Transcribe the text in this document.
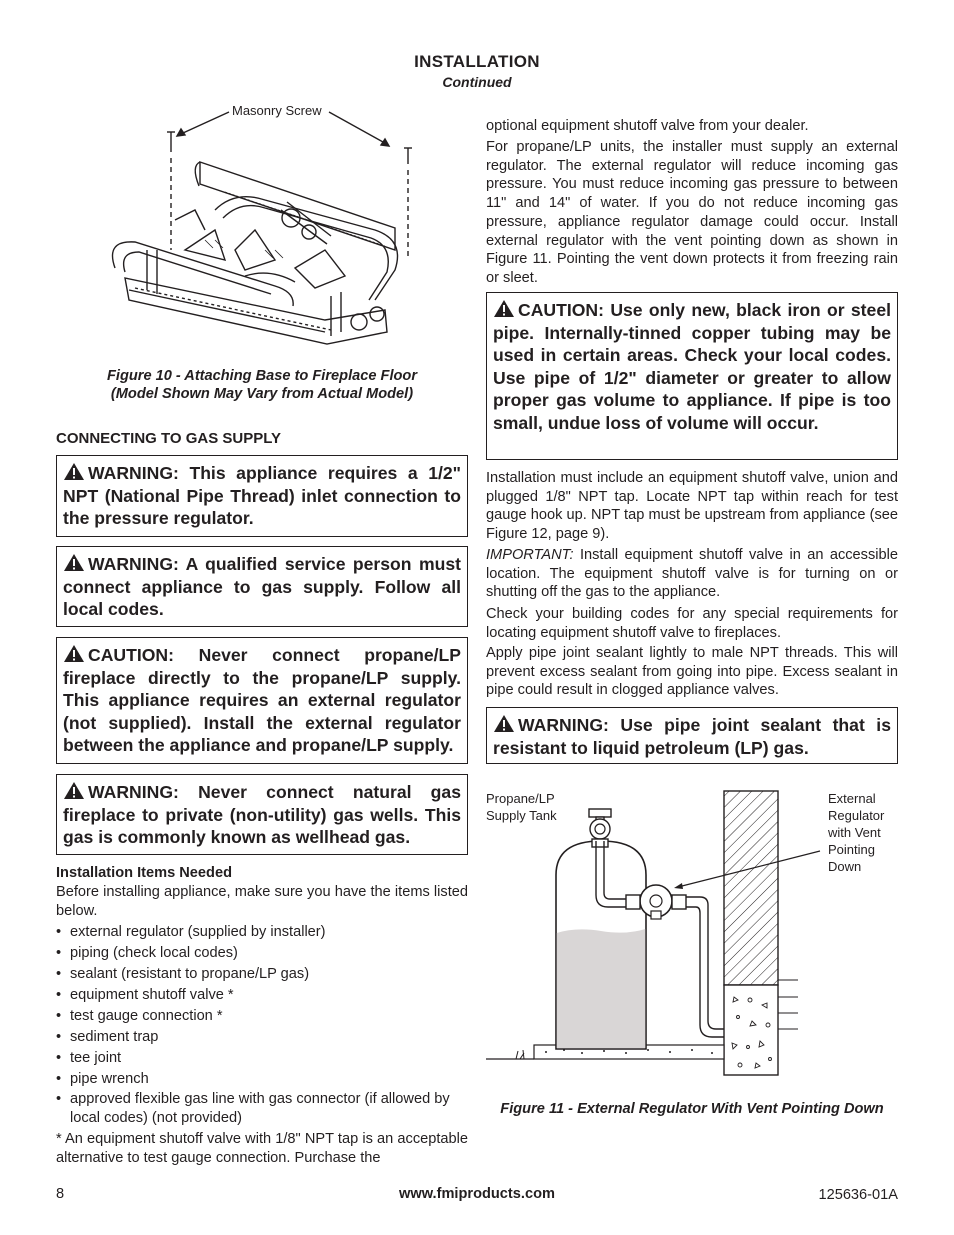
INSTALLATION
Continued
Masonry Screw
Figure 10 - Attaching Base to Fireplace Floor
(Model Shown May Vary from Actual Model)
CONNECTING TO GAS SUPPLY
WARNING: This appliance requires a 1/2" NPT (National Pipe Thread) inlet connection to the pressure regulator.
WARNING: A qualified service person must connect appliance to gas supply. Follow all local codes.
CAUTION: Never connect propane/LP fireplace directly to the propane/LP supply. This appliance requires an external regulator (not supplied). Install the external regulator between the appliance and propane/LP supply.
WARNING: Never connect natural gas fireplace to private (non-utility) gas wells. This gas is commonly known as wellhead gas.
Installation Items Needed
Before installing appliance, make sure you have the items listed below.
• external regulator (supplied by installer)
• piping (check local codes)
• sealant (resistant to propane/LP gas)
• equipment shutoff valve *
• test gauge connection *
• sediment trap
• tee joint
• pipe wrench
• approved flexible gas line with gas connector (if allowed by local codes) (not provided)
* An equipment shutoff valve with 1/8" NPT tap is an acceptable alternative to test gauge connection. Purchase the
optional equipment shutoff valve from your dealer.
For propane/LP units, the installer must supply an external regulator. The external regulator will reduce incoming gas pressure. You must reduce incoming gas pressure to between 11" and 14" of water. If you do not reduce incoming gas pressure, appliance regulator damage could occur. Install external regulator with the vent pointing down as shown in Figure 11. Pointing the vent down protects it from freezing rain or sleet.
CAUTION: Use only new, black iron or steel pipe. Internally-tinned copper tubing may be used in certain areas. Check your local codes. Use pipe of 1/2" diameter or greater to allow proper gas volume to appliance. If pipe is too small, undue loss of volume will occur.
Installation must include an equipment shutoff valve, union and plugged 1/8" NPT tap. Locate NPT tap within reach for test gauge hook up. NPT tap must be upstream from appliance (see Figure 12, page 9).
IMPORTANT: Install equipment shutoff valve in an accessible location. The equipment shutoff valve is for turning on or shutting off the gas to the appliance.
Check your building codes for any special requirements for locating equipment shutoff valve to fireplaces.
Apply pipe joint sealant lightly to male NPT threads. This will prevent excess sealant from going into pipe. Excess sealant in pipe could result in clogged appliance valves.
WARNING: Use pipe joint sealant that is resistant to liquid petroleum (LP) gas.
Propane/LP
Supply Tank
External
Regulator
with Vent
Pointing
Down
Figure 11 - External Regulator With Vent Pointing Down
8	www.fmiproducts.com	125636-01A
